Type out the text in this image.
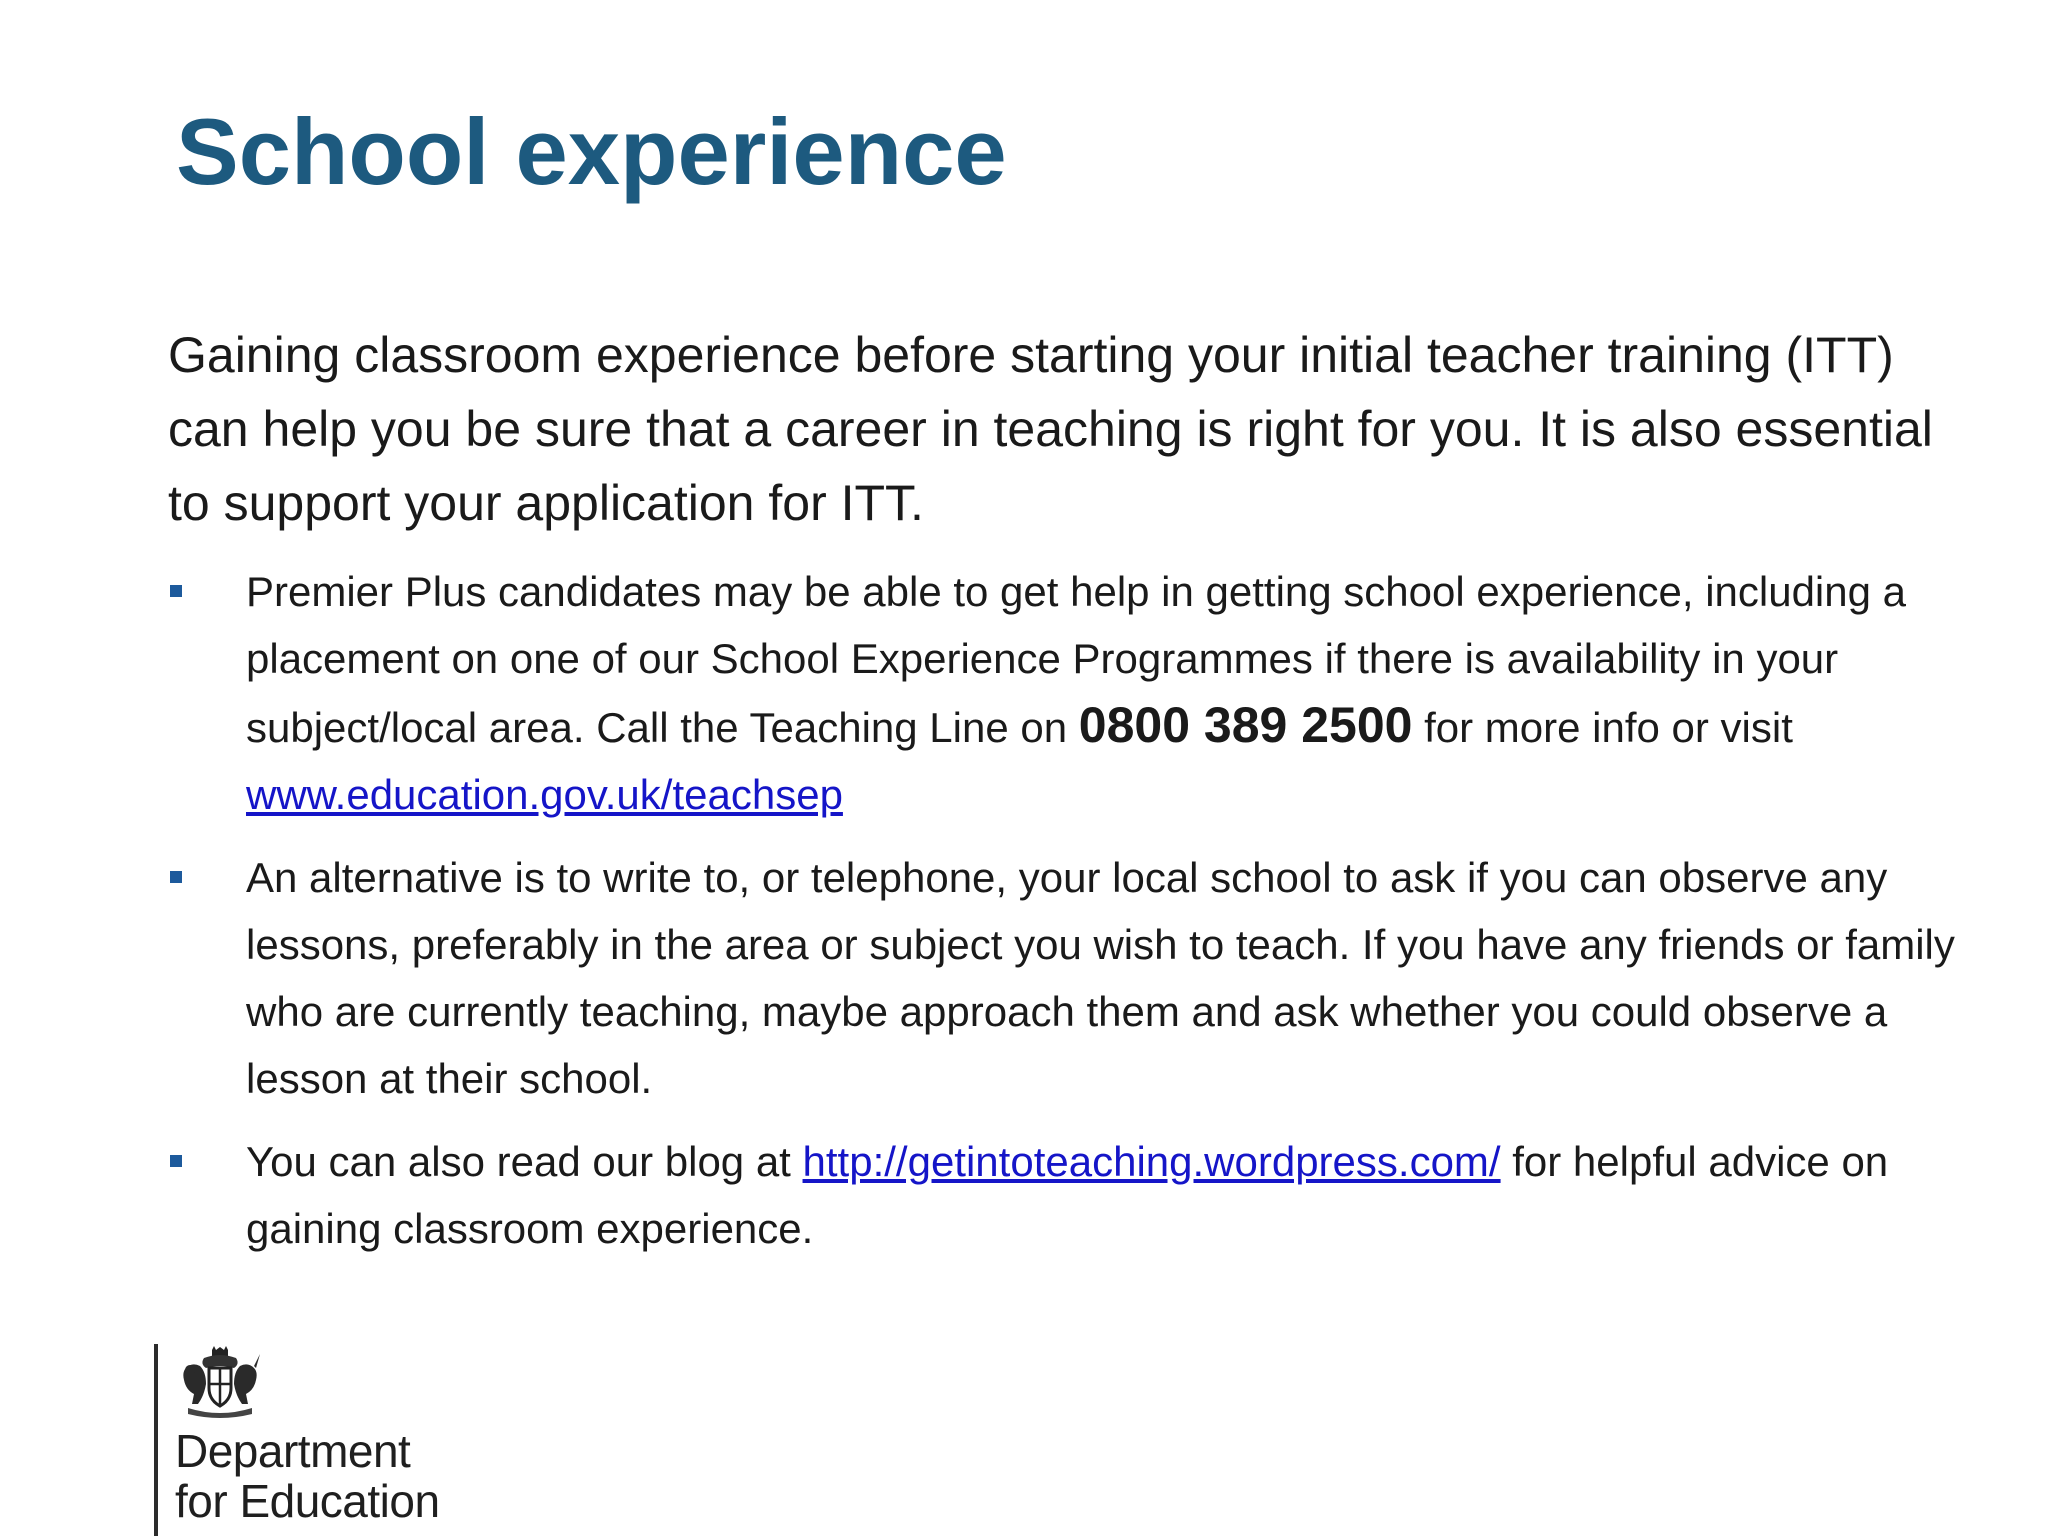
School experience

Gaining classroom experience before starting your initial teacher training (ITT) can help you be sure that a career in teaching is right for you. It is also essential to support your application for ITT.

Premier Plus candidates may be able to get help in getting school experience, including a placement on one of our School Experience Programmes if there is availability in your subject/local area. Call the Teaching Line on 0800 389 2500 for more info or visit www.education.gov.uk/teachsep
An alternative is to write to, or telephone, your local school to ask if you can observe any lessons, preferably in the area or subject you wish to teach. If you have any friends or family who are currently teaching, maybe approach them and ask whether you could observe a lesson at their school.
You can also read our blog at http://getintoteaching.wordpress.com/ for helpful advice on gaining classroom experience.
Department
for Education
